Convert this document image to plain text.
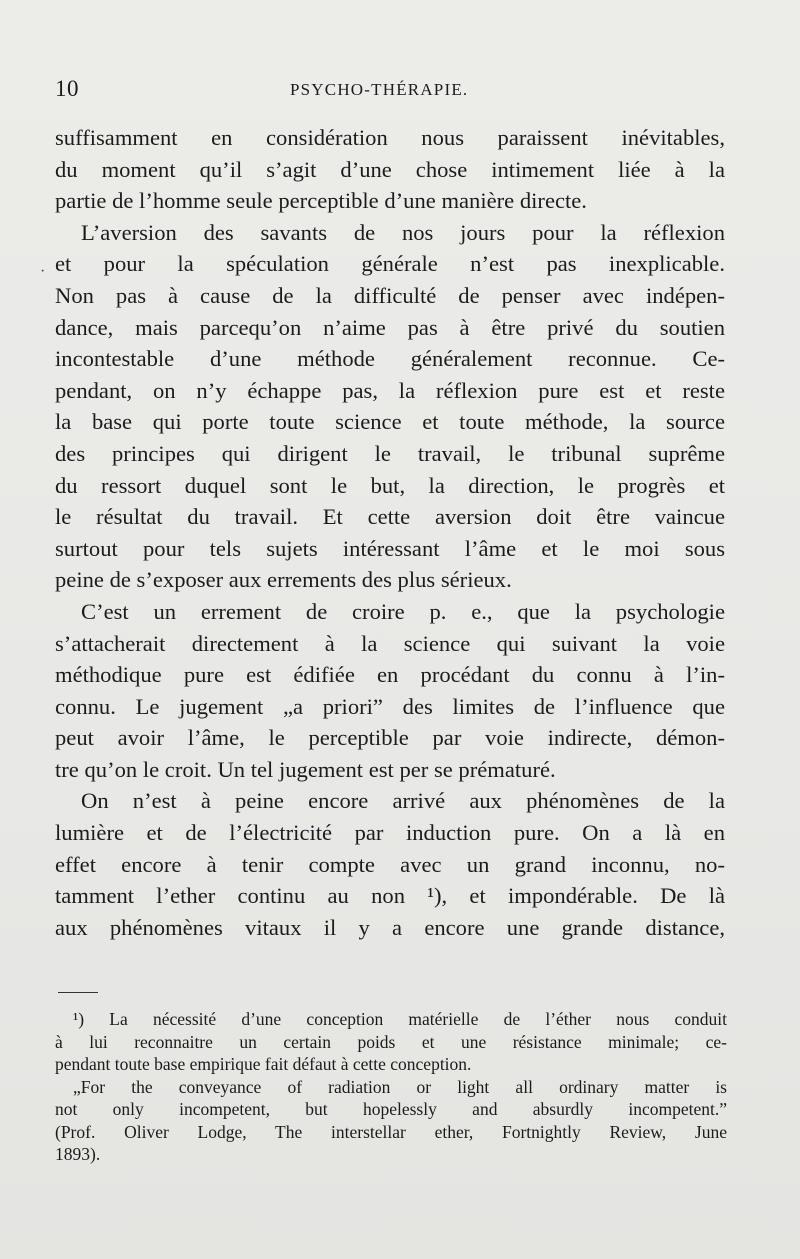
10	PSYCHO-THÉRAPIE.
·
suffisamment en considération nous paraissent inévitables,
du moment qu’il s’agit d’une chose intimement liée à la
partie de l’homme seule perceptible d’une manière directe.
L’aversion des savants de nos jours pour la réflexion
et pour la spéculation générale n’est pas inexplicable.
Non pas à cause de la difficulté de penser avec indépen-
dance, mais parcequ’on n’aime pas à être privé du soutien
incontestable d’une méthode généralement reconnue. Ce-
pendant, on n’y échappe pas, la réflexion pure est et reste
la base qui porte toute science et toute méthode, la source
des principes qui dirigent le travail, le tribunal suprême
du ressort duquel sont le but, la direction, le progrès et
le résultat du travail. Et cette aversion doit être vaincue
surtout pour tels sujets intéressant l’âme et le moi sous
peine de s’exposer aux errements des plus sérieux.
C’est un errement de croire p. e., que la psychologie
s’attacherait directement à la science qui suivant la voie
méthodique pure est édifiée en procédant du connu à l’in-
connu. Le jugement „a priori” des limites de l’influence que
peut avoir l’âme, le perceptible par voie indirecte, démon-
tre qu’on le croit. Un tel jugement est per se prématuré.
On n’est à peine encore arrivé aux phénomènes de la
lumière et de l’électricité par induction pure. On a là en
effet encore à tenir compte avec un grand inconnu, no-
tamment l’ether continu au non ¹), et impondérable. De là
aux phénomènes vitaux il y a encore une grande distance,
¹) La nécessité d’une conception matérielle de l’éther nous conduit
à lui reconnaitre un certain poids et une résistance minimale; ce-
pendant toute base empirique fait défaut à cette conception.
„For the conveyance of radiation or light all ordinary matter is
not only incompetent, but hopelessly and absurdly incompetent.”
(Prof. Oliver Lodge, The interstellar ether, Fortnightly Review, June
1893).
